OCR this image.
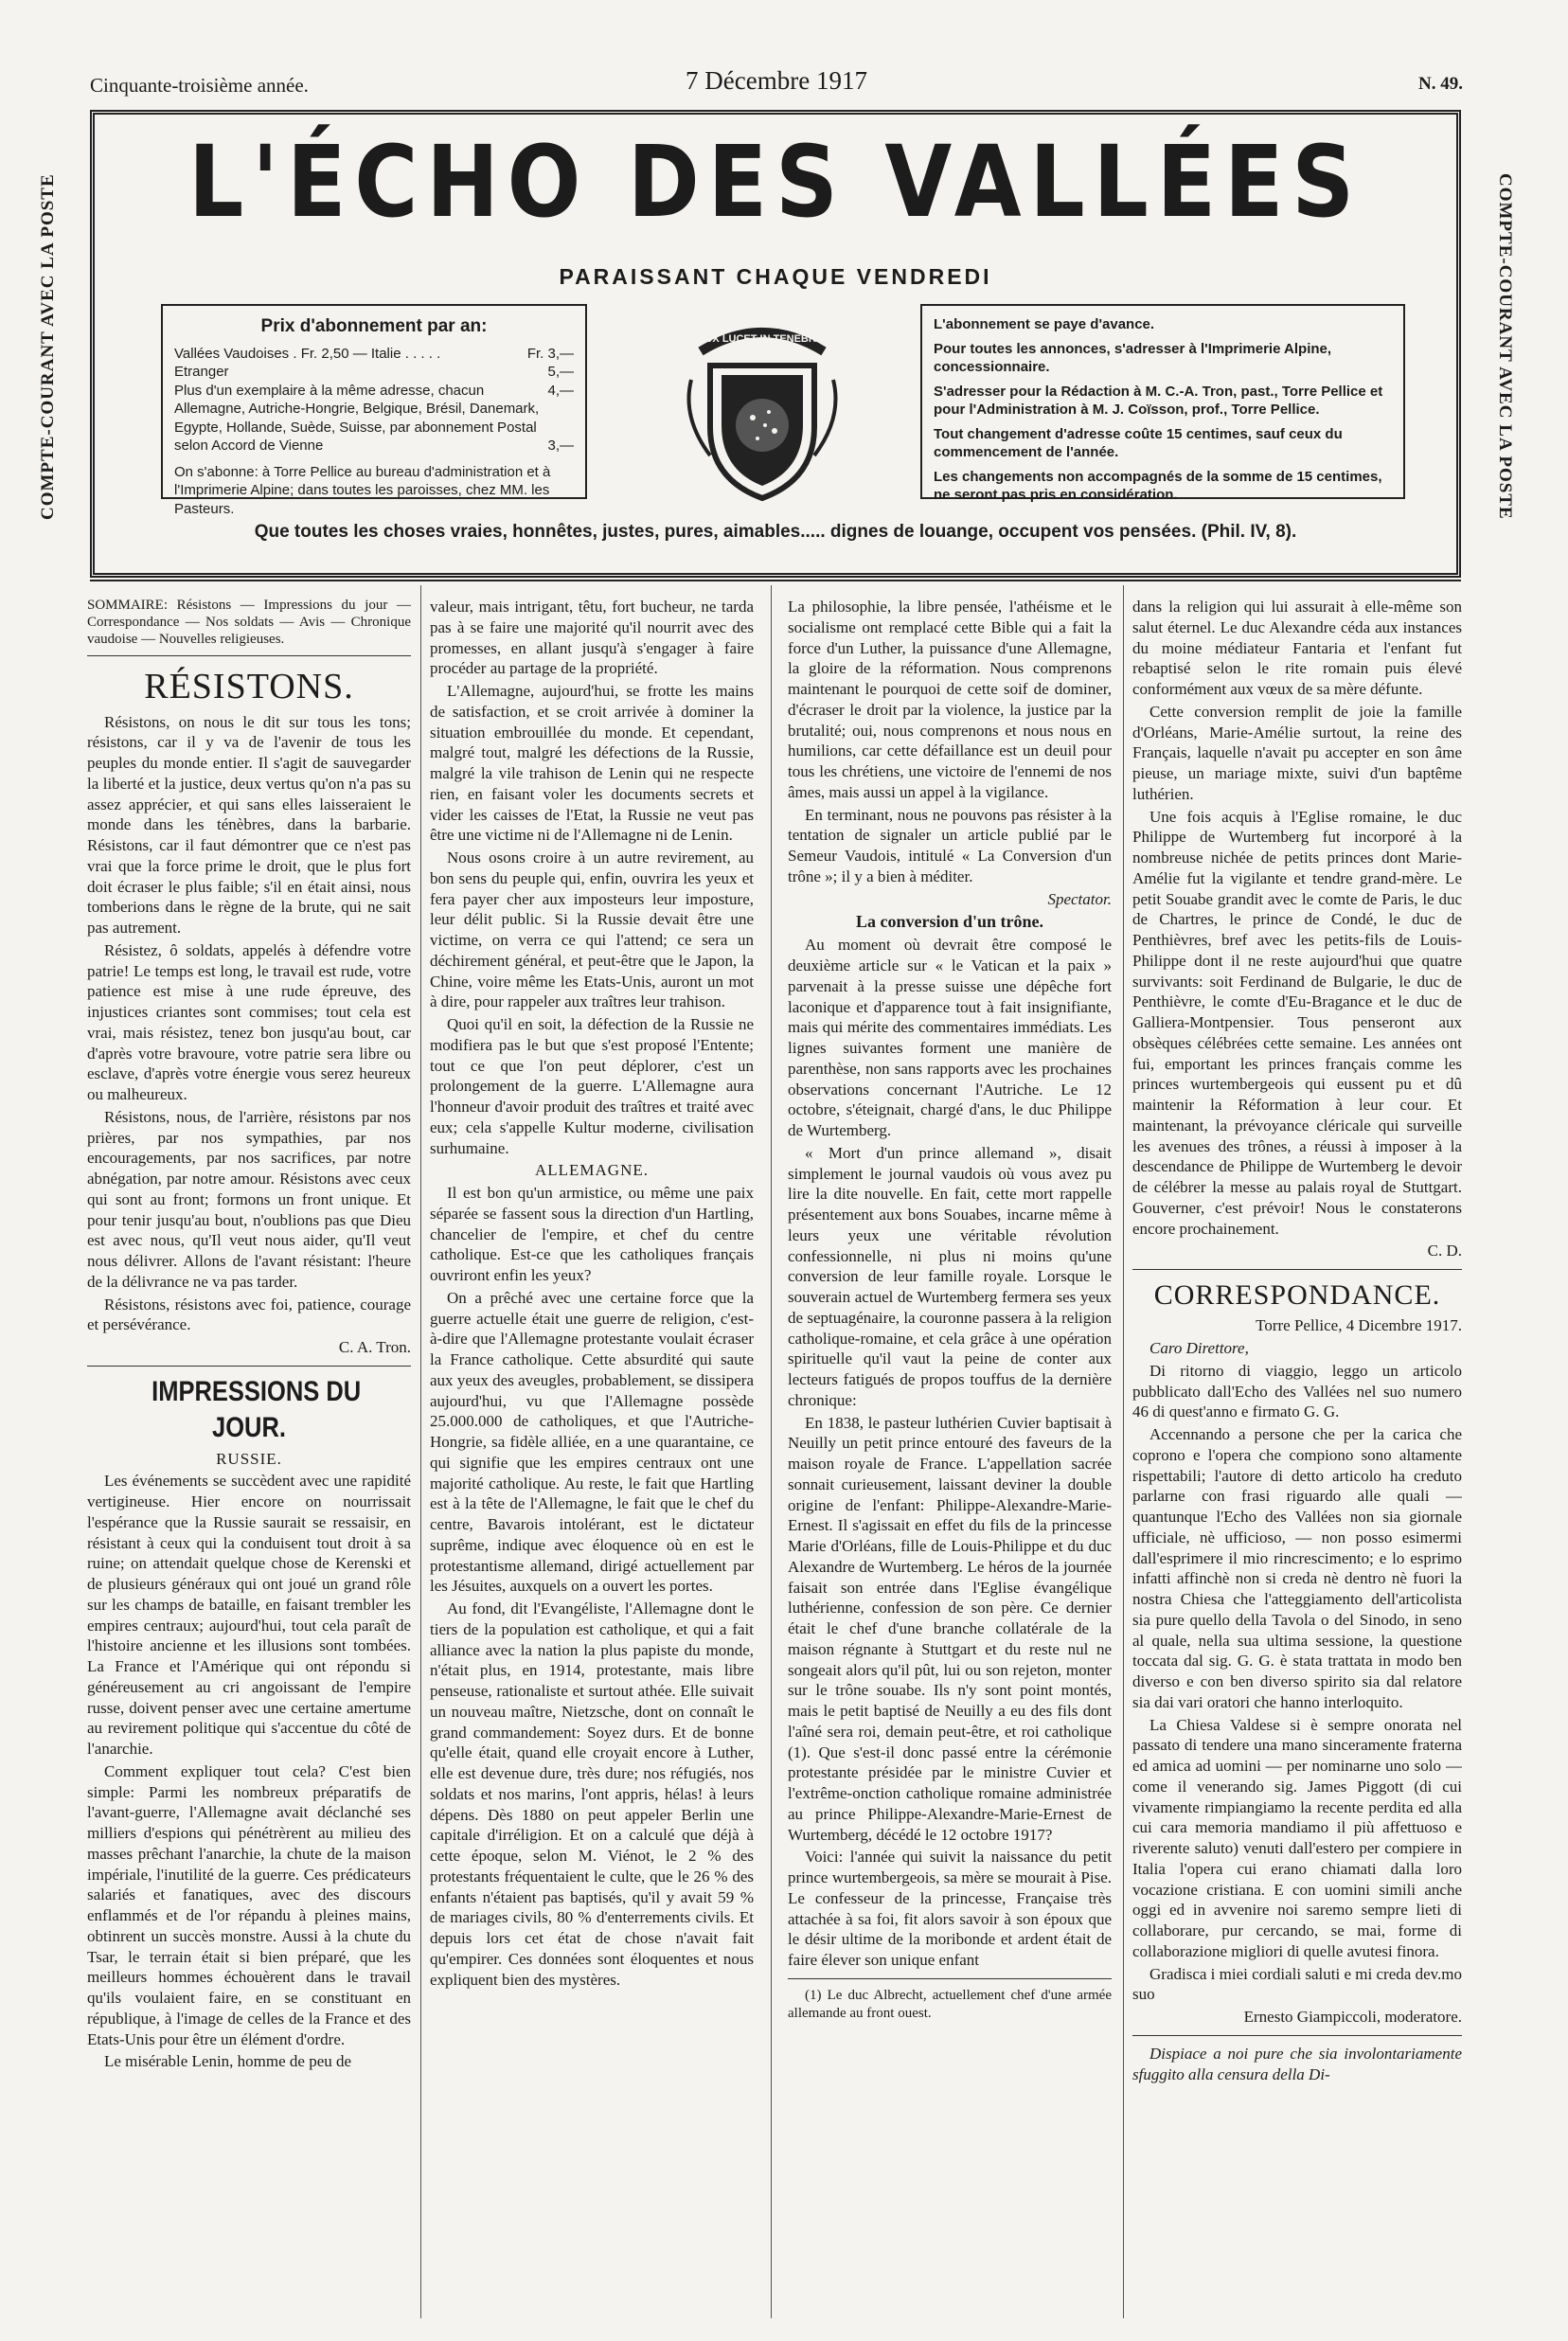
Cinquante-troisième année.	7 Décembre 1917	N. 49.
COMPTE-COURANT AVEC LA POSTE	COMPTE-COURANT AVEC LA POSTE
L'ÉCHO DES VALLÉES
PARAISSANT CHAQUE VENDREDI
Prix d'abonnement par an:
Vallées Vaudoises . Fr. 2,50 — Italie . . . . .	Fr. 3,—
Etranger	5,—
Plus d'un exemplaire à la même adresse, chacun	4,—
Allemagne, Autriche-Hongrie, Belgique, Brésil, Danemark, Egypte, Hollande, Suède, Suisse, par abonnement Postal selon Accord de Vienne	3,—

On s'abonne: à Torre Pellice au bureau d'administration et à l'Imprimerie Alpine; dans toutes les paroisses, chez MM. les Pasteurs.

LUX LUCET IN TENEBRIS

L'abonnement se paye d'avance.

Pour toutes les annonces, s'adresser à l'Imprimerie Alpine, concessionnaire.

S'adresser pour la Rédaction à M. C.-A. Tron, past., Torre Pellice et pour l'Administration à M. J. Coïsson, prof., Torre Pellice.

Tout changement d'adresse coûte 15 centimes, sauf ceux du commencement de l'année.

Les changements non accompagnés de la somme de 15 centimes, ne seront pas pris en considération.

Que toutes les choses vraies, honnêtes, justes, pures, aimables..... dignes de louange, occupent vos pensées. (Phil. IV, 8).

SOMMAIRE: Résistons — Impressions du jour — Correspondance — Nos soldats — Avis — Chronique vaudoise — Nouvelles religieuses.

RÉSISTONS.

Résistons, on nous le dit sur tous les tons; résistons, car il y va de l'avenir de tous les peuples du monde entier. Il s'agit de sauvegarder la liberté et la justice, deux vertus qu'on n'a pas su assez apprécier, et qui sans elles laisseraient le monde dans les ténèbres, dans la barbarie. Résistons, car il faut démontrer que ce n'est pas vrai que la force prime le droit, que le plus fort doit écraser le plus faible; s'il en était ainsi, nous tomberions dans le règne de la brute, qui ne sait pas autrement.

Résistez, ô soldats, appelés à défendre votre patrie! Le temps est long, le travail est rude, votre patience est mise à une rude épreuve, des injustices criantes sont commises; tout cela est vrai, mais résistez, tenez bon jusqu'au bout, car d'après votre bravoure, votre patrie sera libre ou esclave, d'après votre énergie vous serez heureux ou malheureux.

Résistons, nous, de l'arrière, résistons par nos prières, par nos sympathies, par nos encouragements, par nos sacrifices, par notre abnégation, par notre amour. Résistons avec ceux qui sont au front; formons un front unique. Et pour tenir jusqu'au bout, n'oublions pas que Dieu est avec nous, qu'Il veut nous aider, qu'Il veut nous délivrer. Allons de l'avant résistant: l'heure de la délivrance ne va pas tarder.

Résistons, résistons avec foi, patience, courage et persévérance.

C. A. Tron.

IMPRESSIONS DU JOUR.

RUSSIE.

Les événements se succèdent avec une rapidité vertigineuse. Hier encore on nourrissait l'espérance que la Russie saurait se ressaisir, en résistant à ceux qui la conduisent tout droit à sa ruine; on attendait quelque chose de Kerenski et de plusieurs généraux qui ont joué un grand rôle sur les champs de bataille, en faisant trembler les empires centraux; aujourd'hui, tout cela paraît de l'histoire ancienne et les illusions sont tombées. La France et l'Amérique qui ont répondu si généreusement au cri angoissant de l'empire russe, doivent penser avec une certaine amertume au revirement politique qui s'accentue du côté de l'anarchie.

Comment expliquer tout cela? C'est bien simple: Parmi les nombreux préparatifs de l'avant-guerre, l'Allemagne avait déclanché ses milliers d'espions qui pénétrèrent au milieu des masses prêchant l'anarchie, la chute de la maison impériale, l'inutilité de la guerre. Ces prédicateurs salariés et fanatiques, avec des discours enflammés et de l'or répandu à pleines mains, obtinrent un succès monstre. Aussi à la chute du Tsar, le terrain était si bien préparé, que les meilleurs hommes échouèrent dans le travail qu'ils voulaient faire, en se constituant en république, à l'image de celles de la France et des Etats-Unis pour être un élément d'ordre.

Le misérable Lenin, homme de peu de

valeur, mais intrigant, têtu, fort bucheur, ne tarda pas à se faire une majorité qu'il nourrit avec des promesses, en allant jusqu'à s'engager à faire procéder au partage de la propriété.

L'Allemagne, aujourd'hui, se frotte les mains de satisfaction, et se croit arrivée à dominer la situation embrouillée du monde. Et cependant, malgré tout, malgré les défections de la Russie, malgré la vile trahison de Lenin qui ne respecte rien, en faisant voler les documents secrets et vider les caisses de l'Etat, la Russie ne veut pas être une victime ni de l'Allemagne ni de Lenin.

Nous osons croire à un autre revirement, au bon sens du peuple qui, enfin, ouvrira les yeux et fera payer cher aux imposteurs leur imposture, leur délit public. Si la Russie devait être une victime, on verra ce qui l'attend; ce sera un déchirement général, et peut-être que le Japon, la Chine, voire même les Etats-Unis, auront un mot à dire, pour rappeler aux traîtres leur trahison.

Quoi qu'il en soit, la défection de la Russie ne modifiera pas le but que s'est proposé l'Entente; tout ce que l'on peut déplorer, c'est un prolongement de la guerre. L'Allemagne aura l'honneur d'avoir produit des traîtres et traité avec eux; cela s'appelle Kultur moderne, civilisation surhumaine.

ALLEMAGNE.

Il est bon qu'un armistice, ou même une paix séparée se fassent sous la direction d'un Hartling, chancelier de l'empire, et chef du centre catholique. Est-ce que les catholiques français ouvriront enfin les yeux?

On a prêché avec une certaine force que la guerre actuelle était une guerre de religion, c'est-à-dire que l'Allemagne protestante voulait écraser la France catholique. Cette absurdité qui saute aux yeux des aveugles, probablement, se dissipera aujourd'hui, vu que l'Allemagne possède 25.000.000 de catholiques, et que l'Autriche-Hongrie, sa fidèle alliée, en a une quarantaine, ce qui signifie que les empires centraux ont une majorité catholique. Au reste, le fait que Hartling est à la tête de l'Allemagne, le fait que le chef du centre, Bavarois intolérant, est le dictateur suprême, indique avec éloquence où en est le protestantisme allemand, dirigé actuellement par les Jésuites, auxquels on a ouvert les portes.

Au fond, dit l'Evangéliste, l'Allemagne dont le tiers de la population est catholique, et qui a fait alliance avec la nation la plus papiste du monde, n'était plus, en 1914, protestante, mais libre penseuse, rationaliste et surtout athée. Elle suivait un nouveau maître, Nietzsche, dont on connaît le grand commandement: Soyez durs. Et de bonne qu'elle était, quand elle croyait encore à Luther, elle est devenue dure, très dure; nos réfugiés, nos soldats et nos marins, l'ont appris, hélas! à leurs dépens. Dès 1880 on peut appeler Berlin une capitale d'irréligion. Et on a calculé que déjà à cette époque, selon M. Viénot, le 2 % des protestants fréquentaient le culte, que le 26 % des enfants n'étaient pas baptisés, qu'il y avait 59 % de mariages civils, 80 % d'enterrements civils. Et depuis lors cet état de chose n'avait fait qu'empirer. Ces données sont éloquentes et nous expliquent bien des mystères.

La philosophie, la libre pensée, l'athéisme et le socialisme ont remplacé cette Bible qui a fait la force d'un Luther, la puissance d'une Allemagne, la gloire de la réformation. Nous comprenons maintenant le pourquoi de cette soif de dominer, d'écraser le droit par la violence, la justice par la brutalité; oui, nous comprenons et nous nous en humilions, car cette défaillance est un deuil pour tous les chrétiens, une victoire de l'ennemi de nos âmes, mais aussi un appel à la vigilance.

En terminant, nous ne pouvons pas résister à la tentation de signaler un article publié par le Semeur Vaudois, intitulé « La Conversion d'un trône »; il y a bien à méditer.

Spectator.

La conversion d'un trône.

Au moment où devrait être composé le deuxième article sur « le Vatican et la paix » parvenait à la presse suisse une dépêche fort laconique et d'apparence tout à fait insignifiante, mais qui mérite des commentaires immédiats. Les lignes suivantes forment une manière de parenthèse, non sans rapports avec les prochaines observations concernant l'Autriche. Le 12 octobre, s'éteignait, chargé d'ans, le duc Philippe de Wurtemberg.

« Mort d'un prince allemand », disait simplement le journal vaudois où vous avez pu lire la dite nouvelle. En fait, cette mort rappelle présentement aux bons Souabes, incarne même à leurs yeux une véritable révolution confessionnelle, ni plus ni moins qu'une conversion de leur famille royale. Lorsque le souverain actuel de Wurtemberg fermera ses yeux de septuagénaire, la couronne passera à la religion catholique-romaine, et cela grâce à une opération spirituelle qu'il vaut la peine de conter aux lecteurs fatigués de propos touffus de la dernière chronique:

En 1838, le pasteur luthérien Cuvier baptisait à Neuilly un petit prince entouré des faveurs de la maison royale de France. L'appellation sacrée sonnait curieusement, laissant deviner la double origine de l'enfant: Philippe-Alexandre-Marie-Ernest. Il s'agissait en effet du fils de la princesse Marie d'Orléans, fille de Louis-Philippe et du duc Alexandre de Wurtemberg. Le héros de la journée faisait son entrée dans l'Eglise évangélique luthérienne, confession de son père. Ce dernier était le chef d'une branche collatérale de la maison régnante à Stuttgart et du reste nul ne songeait alors qu'il pût, lui ou son rejeton, monter sur le trône souabe. Ils n'y sont point montés, mais le petit baptisé de Neuilly a eu des fils dont l'aîné sera roi, demain peut-être, et roi catholique (1). Que s'est-il donc passé entre la cérémonie protestante présidée par le ministre Cuvier et l'extrême-onction catholique romaine administrée au prince Philippe-Alexandre-Marie-Ernest de Wurtemberg, décédé le 12 octobre 1917?

Voici: l'année qui suivit la naissance du petit prince wurtembergeois, sa mère se mourait à Pise. Le confesseur de la princesse, Française très attachée à sa foi, fit alors savoir à son époux que le désir ultime de la moribonde et ardent était de faire élever son unique enfant

(1) Le duc Albrecht, actuellement chef d'une armée allemande au front ouest.

dans la religion qui lui assurait à elle-même son salut éternel. Le duc Alexandre céda aux instances du moine médiateur Fantaria et l'enfant fut rebaptisé selon le rite romain puis élevé conformément aux vœux de sa mère défunte.

Cette conversion remplit de joie la famille d'Orléans, Marie-Amélie surtout, la reine des Français, laquelle n'avait pu accepter en son âme pieuse, un mariage mixte, suivi d'un baptême luthérien.

Une fois acquis à l'Eglise romaine, le duc Philippe de Wurtemberg fut incorporé à la nombreuse nichée de petits princes dont Marie-Amélie fut la vigilante et tendre grand-mère. Le petit Souabe grandit avec le comte de Paris, le duc de Chartres, le prince de Condé, le duc de Penthièvres, bref avec les petits-fils de Louis-Philippe dont il ne reste aujourd'hui que quatre survivants: soit Ferdinand de Bulgarie, le duc de Penthièvre, le comte d'Eu-Bragance et le duc de Galliera-Montpensier. Tous penseront aux obsèques célébrées cette semaine. Les années ont fui, emportant les princes français comme les princes wurtembergeois qui eussent pu et dû maintenir la Réformation à leur cour. Et maintenant, la prévoyance cléricale qui surveille les avenues des trônes, a réussi à imposer à la descendance de Philippe de Wurtemberg le devoir de célébrer la messe au palais royal de Stuttgart. Gouverner, c'est prévoir! Nous le constaterons encore prochainement.

C. D.

CORRESPONDANCE.

Torre Pellice, 4 Dicembre 1917.

Caro Direttore,

Di ritorno di viaggio, leggo un articolo pubblicato dall'Echo des Vallées nel suo numero 46 di quest'anno e firmato G. G.

Accennando a persone che per la carica che coprono e l'opera che compiono sono altamente rispettabili; l'autore di detto articolo ha creduto parlarne con frasi riguardo alle quali — quantunque l'Echo des Vallées non sia giornale ufficiale, nè ufficioso, — non posso esimermi dall'esprimere il mio rincrescimento; e lo esprimo infatti affinchè non si creda nè dentro nè fuori la nostra Chiesa che l'atteggiamento dell'articolista sia pure quello della Tavola o del Sinodo, in seno al quale, nella sua ultima sessione, la questione toccata dal sig. G. G. è stata trattata in modo ben diverso e con ben diverso spirito sia dal relatore sia dai vari oratori che hanno interloquito.

La Chiesa Valdese si è sempre onorata nel passato di tendere una mano sinceramente fraterna ed amica ad uomini — per nominarne uno solo — come il venerando sig. James Piggott (di cui vivamente rimpiangiamo la recente perdita ed alla cui cara memoria mandiamo il più affettuoso e riverente saluto) venuti dall'estero per compiere in Italia l'opera cui erano chiamati dalla loro vocazione cristiana. E con uomini simili anche oggi ed in avvenire noi saremo sempre lieti di collaborare, pur cercando, se mai, forme di collaborazione migliori di quelle avutesi finora.

Gradisca i miei cordiali saluti e mi creda dev.mo suo

Ernesto Giampiccoli, moderatore.

Dispiace a noi pure che sia involontariamente sfuggito alla censura della Di-
